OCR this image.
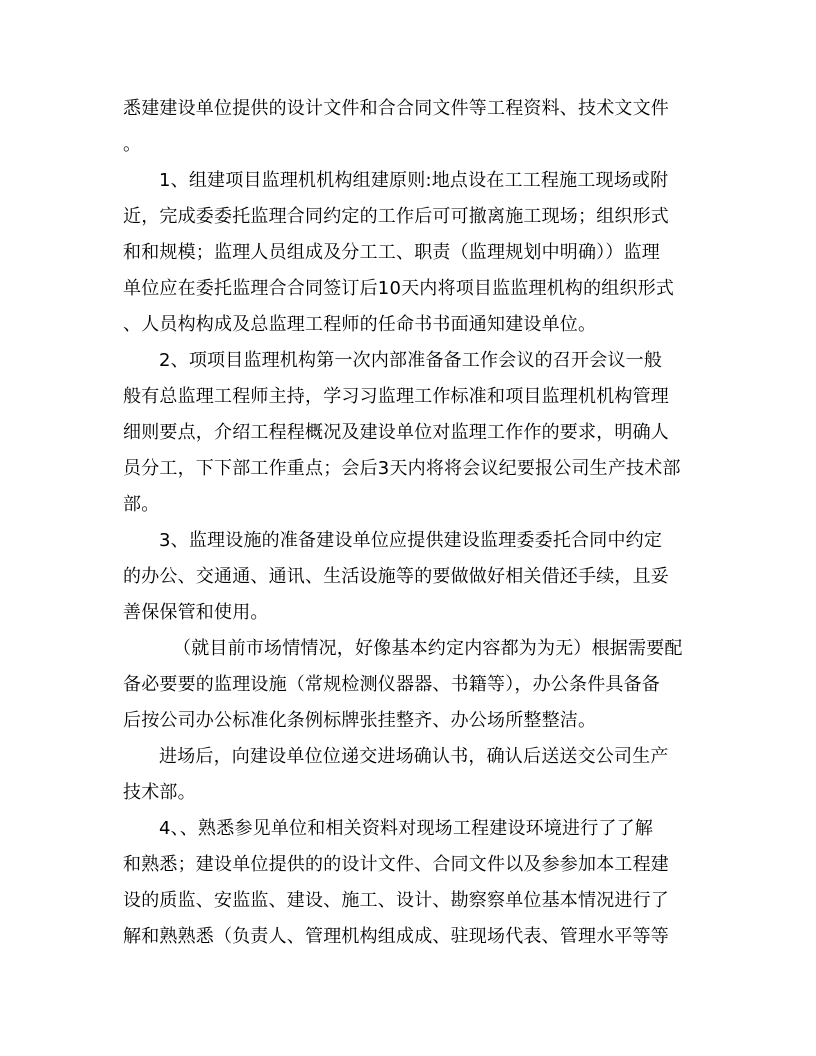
悉建建设单位提供的设计文件和合合同文件等工程资料、技术文文件
。
1、组建项目监理机机构组建原则:地点设在工工程施工现场或附
近，完成委委托监理合同约定的工作后可可撤离施工现场；组织形式
和和规模；监理人员组成及分工工、职责（监理规划中明确））监理
单位应在委托监理合合同签订后10天内将项目监监理机构的组织形式
、人员构构成及总监理工程师的任命书书面通知建设单位。
2、项项目监理机构第一次内部准备备工作会议的召开会议一般
般有总监理工程师主持，学习习监理工作标准和项目监理机机构管理
细则要点，介绍工程程概况及建设单位对监理工作作的要求，明确人
员分工，下下部工作重点；会后3天内将将会议纪要报公司生产技术部
部。
3、监理设施的准备建设单位应提供建设监理委委托合同中约定
的办公、交通通、通讯、生活设施等的要做做好相关借还手续，且妥
善保保管和使用。
（就目前市场情情况，好像基本约定内容都为为无）根据需要配
备必要要的监理设施（常规检测仪器器、书籍等），办公条件具备备
后按公司办公标准化条例标牌张挂整齐、办公场所整整洁。
进场后，向建设单位位递交进场确认书，确认后送送交公司生产
技术部。
4、、熟悉参见单位和相关资料对现场工程建设环境进行了了解
和熟悉；建设单位提供的的设计文件、合同文件以及参参加本工程建
设的质监、安监监、建设、施工、设计、勘察察单位基本情况进行了
解和熟熟悉（负责人、管理机构组成成、驻现场代表、管理水平等等
